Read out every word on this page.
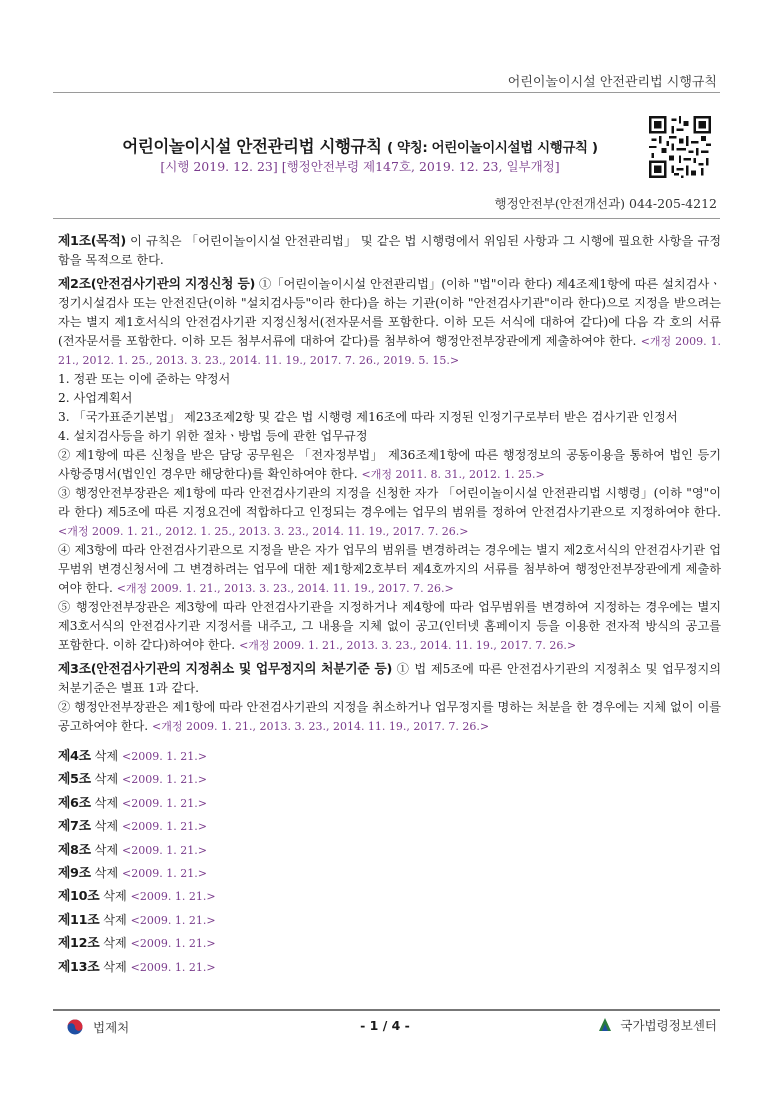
어린이놀이시설 안전관리법 시행규칙
어린이놀이시설 안전관리법 시행규칙 ( 약칭: 어린이놀이시설법 시행규칙 )
[시행 2019. 12. 23] [행정안전부령 제147호, 2019. 12. 23, 일부개정]
행정안전부(안전개선과) 044-205-4212

제1조(목적) 이 규칙은 「어린이놀이시설 안전관리법」 및 같은 법 시행령에서 위임된 사항과 그 시행에 필요한 사항을 규정함을 목적으로 한다.

제2조(안전검사기관의 지정신청 등) ①「어린이놀이시설 안전관리법」(이하 "법"이라 한다) 제4조제1항에 따른 설치검사ㆍ정기시설검사 또는 안전진단(이하 "설치검사등"이라 한다)을 하는 기관(이하 "안전검사기관"이라 한다)으로 지정을 받으려는 자는 별지 제1호서식의 안전검사기관 지정신청서(전자문서를 포함한다. 이하 모든 서식에 대하여 같다)에 다음 각 호의 서류(전자문서를 포함한다. 이하 모든 첨부서류에 대하여 같다)를 첨부하여 행정안전부장관에게 제출하여야 한다. <개정 2009. 1. 21., 2012. 1. 25., 2013. 3. 23., 2014. 11. 19., 2017. 7. 26., 2019. 5. 15.>

1. 정관 또는 이에 준하는 약정서

2. 사업계획서

3. 「국가표준기본법」 제23조제2항 및 같은 법 시행령 제16조에 따라 지정된 인정기구로부터 받은 검사기관 인정서

4. 설치검사등을 하기 위한 절차ㆍ방법 등에 관한 업무규정

② 제1항에 따른 신청을 받은 담당 공무원은 「전자정부법」 제36조제1항에 따른 행정정보의 공동이용을 통하여 법인 등기사항증명서(법인인 경우만 해당한다)를 확인하여야 한다. <개정 2011. 8. 31., 2012. 1. 25.>

③ 행정안전부장관은 제1항에 따라 안전검사기관의 지정을 신청한 자가 「어린이놀이시설 안전관리법 시행령」(이하 "영"이라 한다) 제5조에 따른 지정요건에 적합하다고 인정되는 경우에는 업무의 범위를 정하여 안전검사기관으로 지정하여야 한다. <개정 2009. 1. 21., 2012. 1. 25., 2013. 3. 23., 2014. 11. 19., 2017. 7. 26.>

④ 제3항에 따라 안전검사기관으로 지정을 받은 자가 업무의 범위를 변경하려는 경우에는 별지 제2호서식의 안전검사기관 업무범위 변경신청서에 그 변경하려는 업무에 대한 제1항제2호부터 제4호까지의 서류를 첨부하여 행정안전부장관에게 제출하여야 한다. <개정 2009. 1. 21., 2013. 3. 23., 2014. 11. 19., 2017. 7. 26.>

⑤ 행정안전부장관은 제3항에 따라 안전검사기관을 지정하거나 제4항에 따라 업무범위를 변경하여 지정하는 경우에는 별지 제3호서식의 안전검사기관 지정서를 내주고, 그 내용을 지체 없이 공고(인터넷 홈페이지 등을 이용한 전자적 방식의 공고를 포함한다. 이하 같다)하여야 한다. <개정 2009. 1. 21., 2013. 3. 23., 2014. 11. 19., 2017. 7. 26.>

제3조(안전검사기관의 지정취소 및 업무정지의 처분기준 등) ① 법 제5조에 따른 안전검사기관의 지정취소 및 업무정지의 처분기준은 별표 1과 같다.

② 행정안전부장관은 제1항에 따라 안전검사기관의 지정을 취소하거나 업무정지를 명하는 처분을 한 경우에는 지체 없이 이를 공고하여야 한다. <개정 2009. 1. 21., 2013. 3. 23., 2014. 11. 19., 2017. 7. 26.>

제4조 삭제 <2009. 1. 21.>
제5조 삭제 <2009. 1. 21.>
제6조 삭제 <2009. 1. 21.>
제7조 삭제 <2009. 1. 21.>
제8조 삭제 <2009. 1. 21.>
제9조 삭제 <2009. 1. 21.>
제10조 삭제 <2009. 1. 21.>
제11조 삭제 <2009. 1. 21.>
제12조 삭제 <2009. 1. 21.>
제13조 삭제 <2009. 1. 21.>
법제처	- 1 / 4 -	국가법령정보센터
